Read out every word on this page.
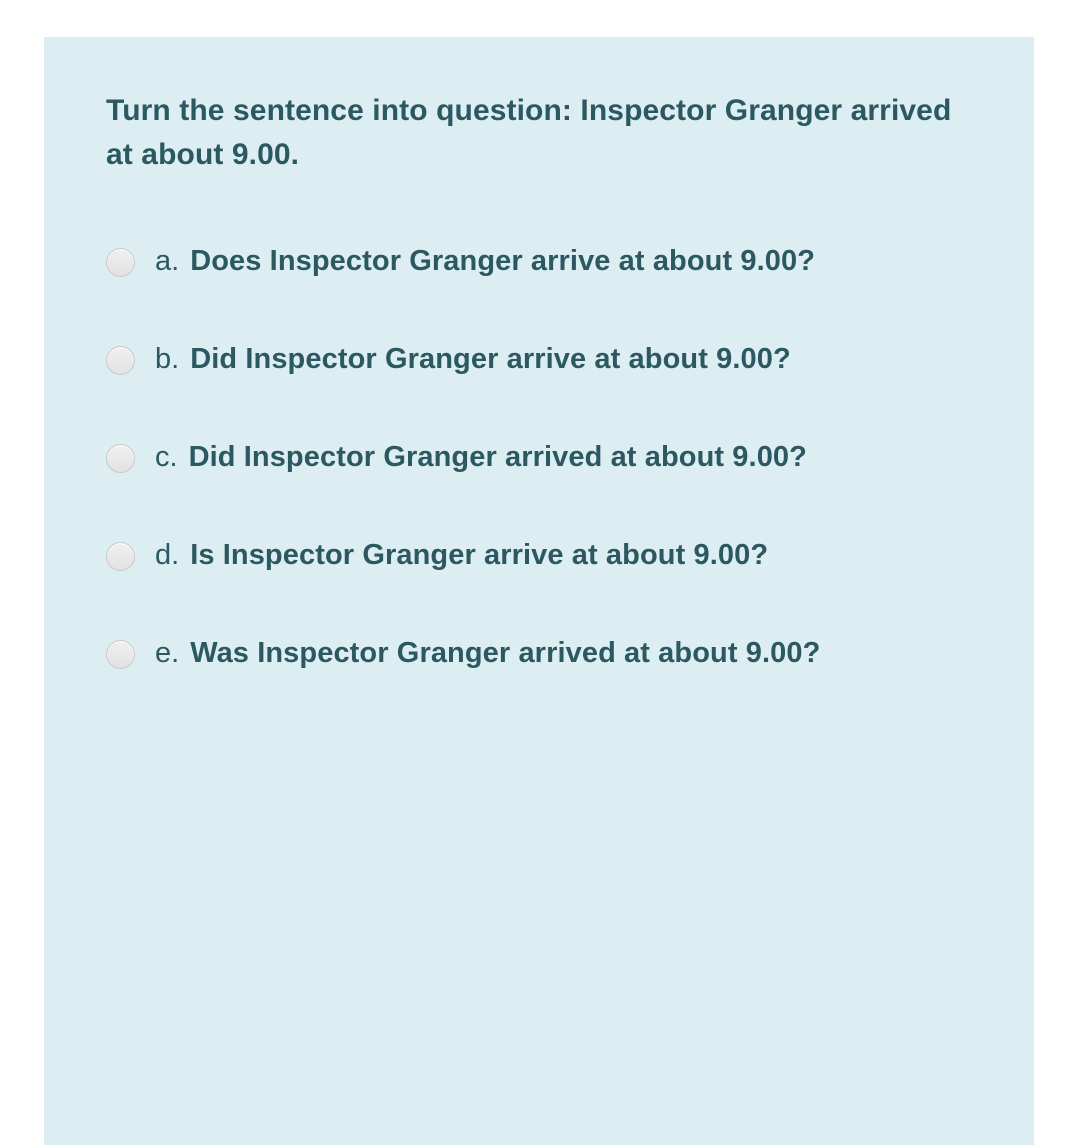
Turn the sentence into question: Inspector Granger arrived at about 9.00.

a. Does Inspector Granger arrive at about 9.00?
b. Did Inspector Granger arrive at about 9.00?
c. Did Inspector Granger arrived at about 9.00?
d. Is Inspector Granger arrive at about 9.00?
e. Was Inspector Granger arrived at about 9.00?
